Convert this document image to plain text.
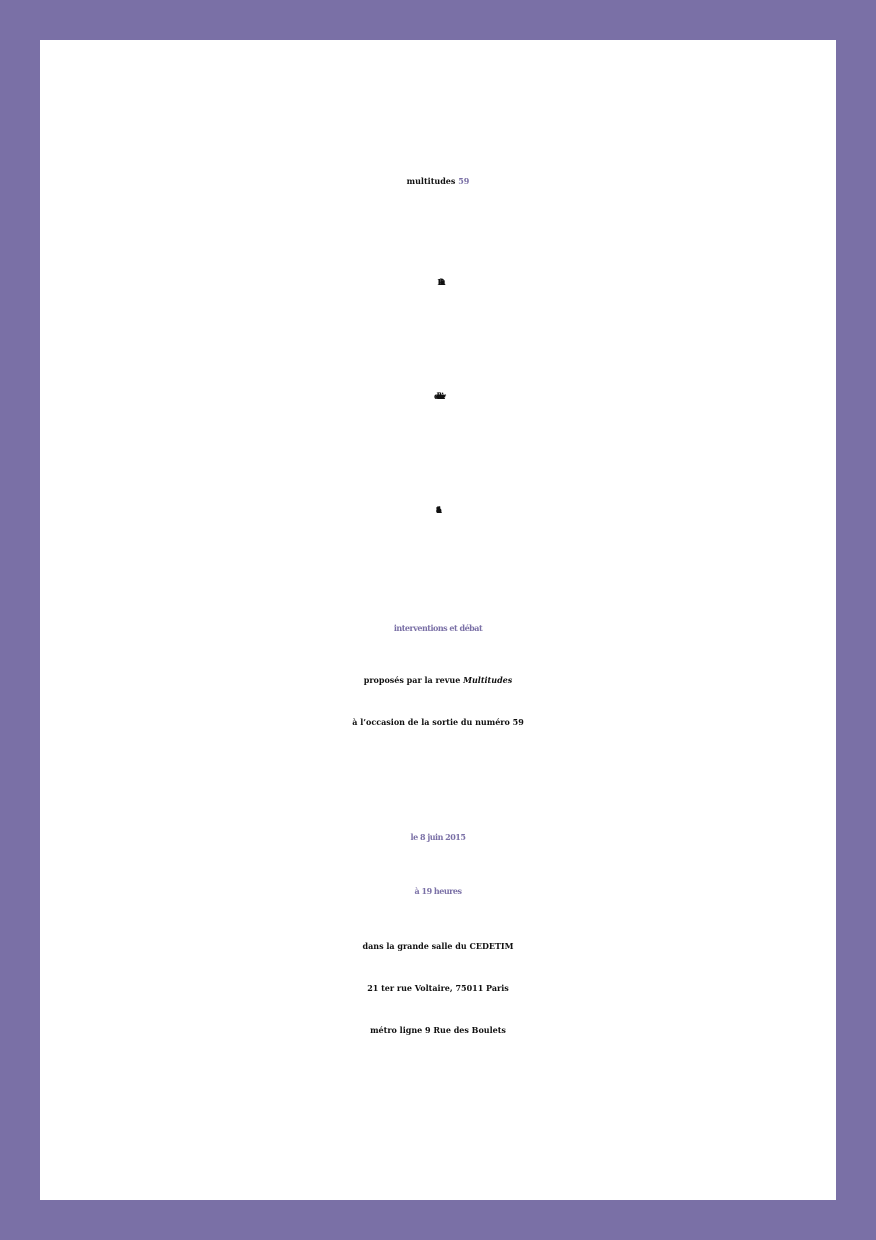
multitudes 59
Faut-il
décoloniser
interventions et débat
proposés par la revue Multitudes
à l’occasion de la sortie du numéro 59
le 8 juin 2015
à 19 heures
dans la grande salle du CEDETIM
21 ter rue Voltaire, 75011 Paris
métro ligne 9 Rue des Boulets
